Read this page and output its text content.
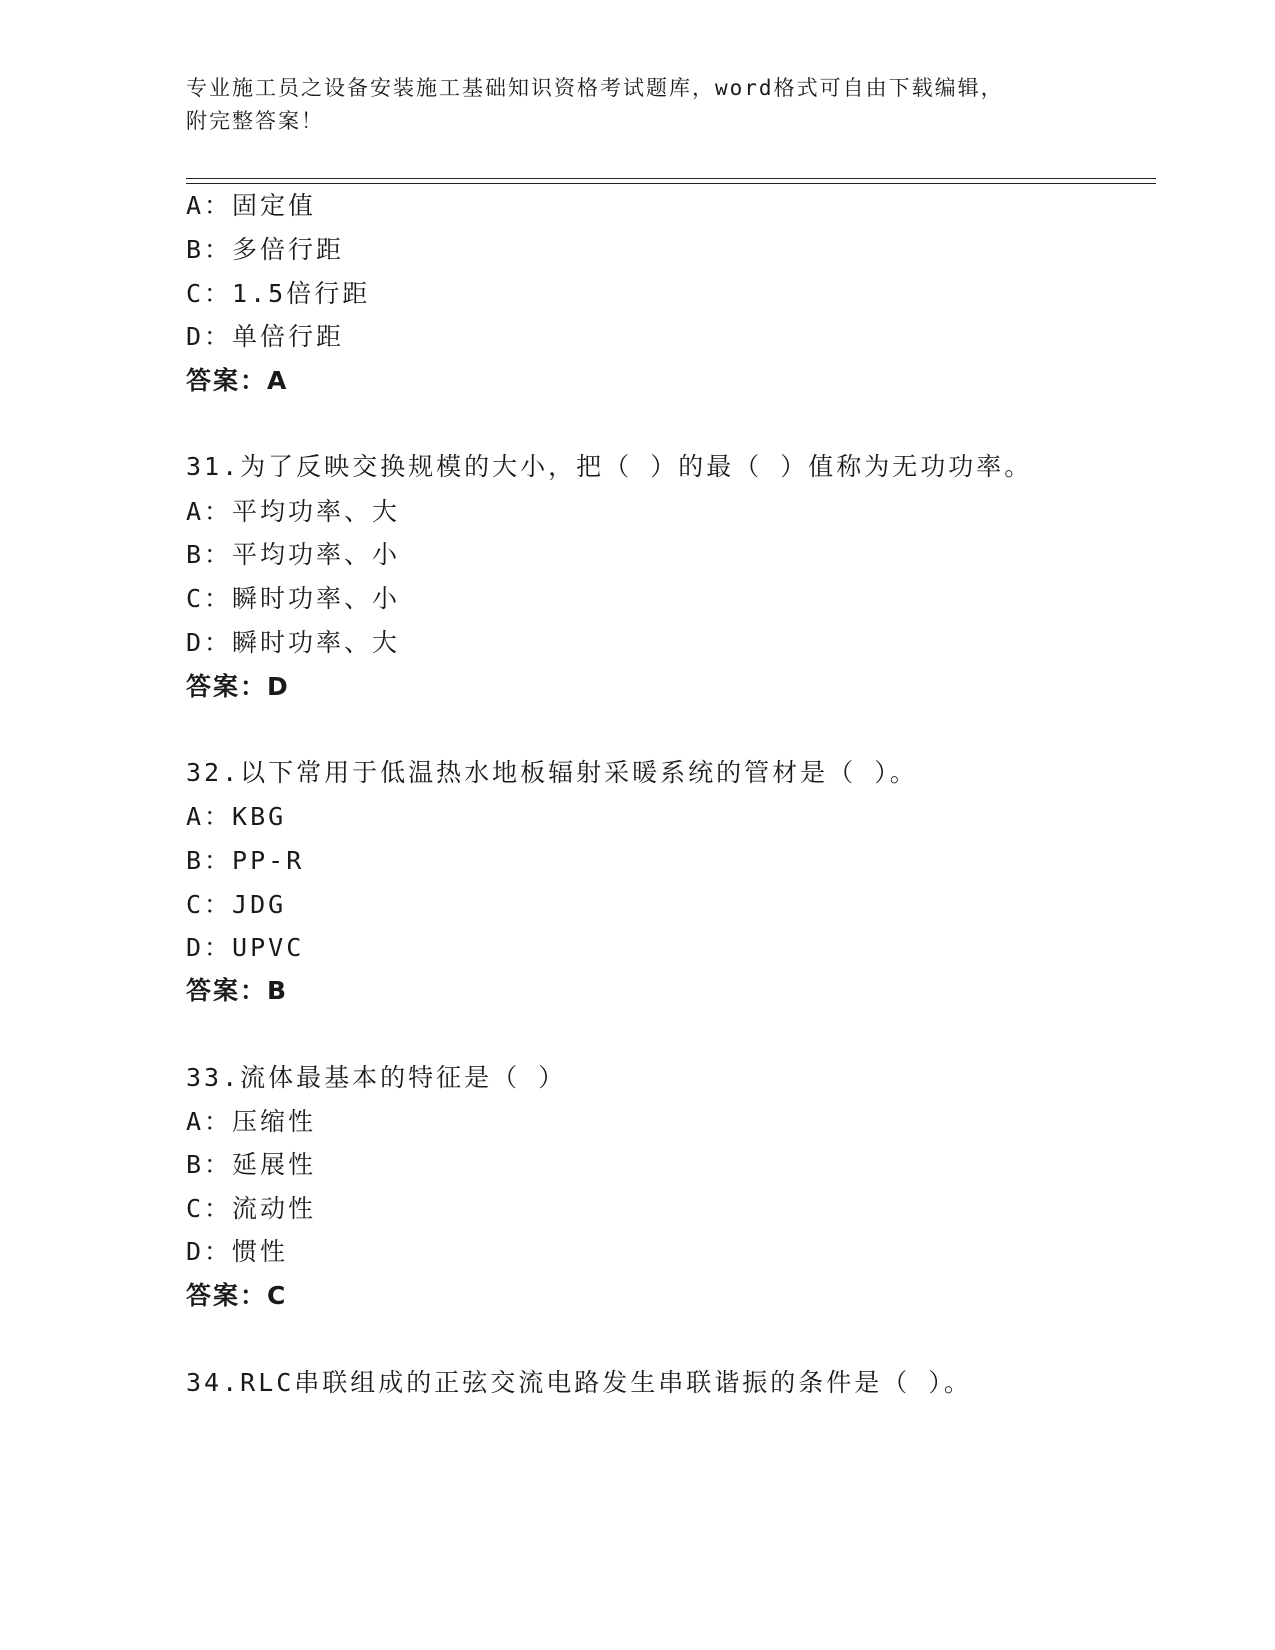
专业施工员之设备安装施工基础知识资格考试题库，word格式可自由下载编辑，

附完整答案！

A：固定值
B：多倍行距
C：1.5倍行距
D：单倍行距
答案：A
31.为了反映交换规模的大小，把（ ）的最（ ）值称为无功功率。
A：平均功率、大
B：平均功率、小
C：瞬时功率、小
D：瞬时功率、大
答案：D
32.以下常用于低温热水地板辐射采暖系统的管材是（ ）。
A：KBG
B：PP-R
C：JDG
D：UPVC
答案：B
33.流体最基本的特征是（ ）
A：压缩性
B：延展性
C：流动性
D：惯性
答案：C
34.RLC串联组成的正弦交流电路发生串联谐振的条件是（ ）。
